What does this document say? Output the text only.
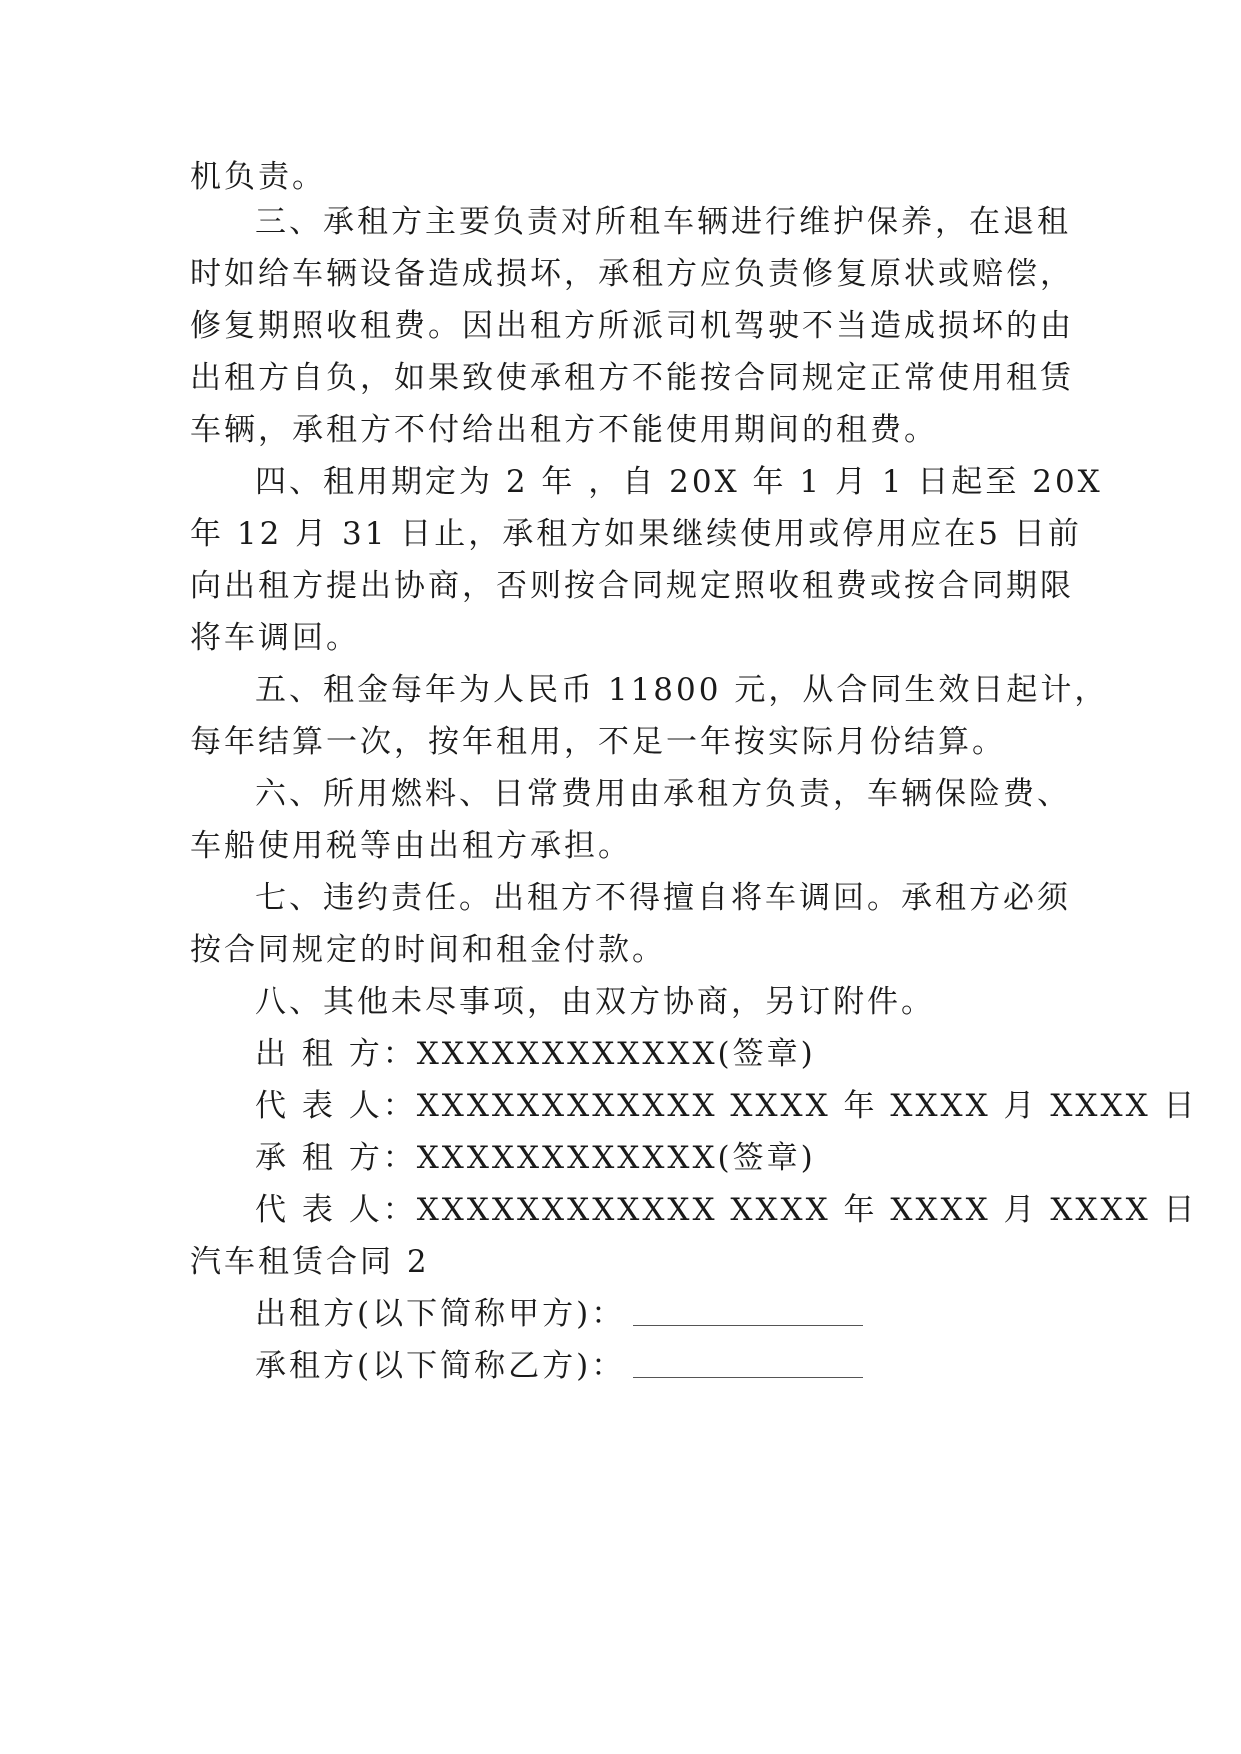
机负责。
三、承租方主要负责对所租车辆进行维护保养，在退租
时如给车辆设备造成损坏，承租方应负责修复原状或赔偿，
修复期照收租费。因出租方所派司机驾驶不当造成损坏的由
出租方自负，如果致使承租方不能按合同规定正常使用租赁
车辆，承租方不付给出租方不能使用期间的租费。
四、租用期定为 2 年 ，自 20X 年 1 月 1 日起至 20X
年 12 月 31 日止，承租方如果继续使用或停用应在5 日前
向出租方提出协商，否则按合同规定照收租费或按合同期限
将车调回。
五、租金每年为人民币 11800 元，从合同生效日起计，
每年结算一次，按年租用，不足一年按实际月份结算。
六、所用燃料、日常费用由承租方负责，车辆保险费、
车船使用税等由出租方承担。
七、违约责任。出租方不得擅自将车调回。承租方必须
按合同规定的时间和租金付款。
八、其他未尽事项，由双方协商，另订附件。
出 租 方：XXXXXXXXXXXX(签章)
代 表 人：XXXXXXXXXXXX XXXX 年 XXXX 月 XXXX 日
承 租 方：XXXXXXXXXXXX(签章)
代 表 人：XXXXXXXXXXXX XXXX 年 XXXX 月 XXXX 日
汽车租赁合同 2
出租方(以下简称甲方)：
承租方(以下简称乙方)：
